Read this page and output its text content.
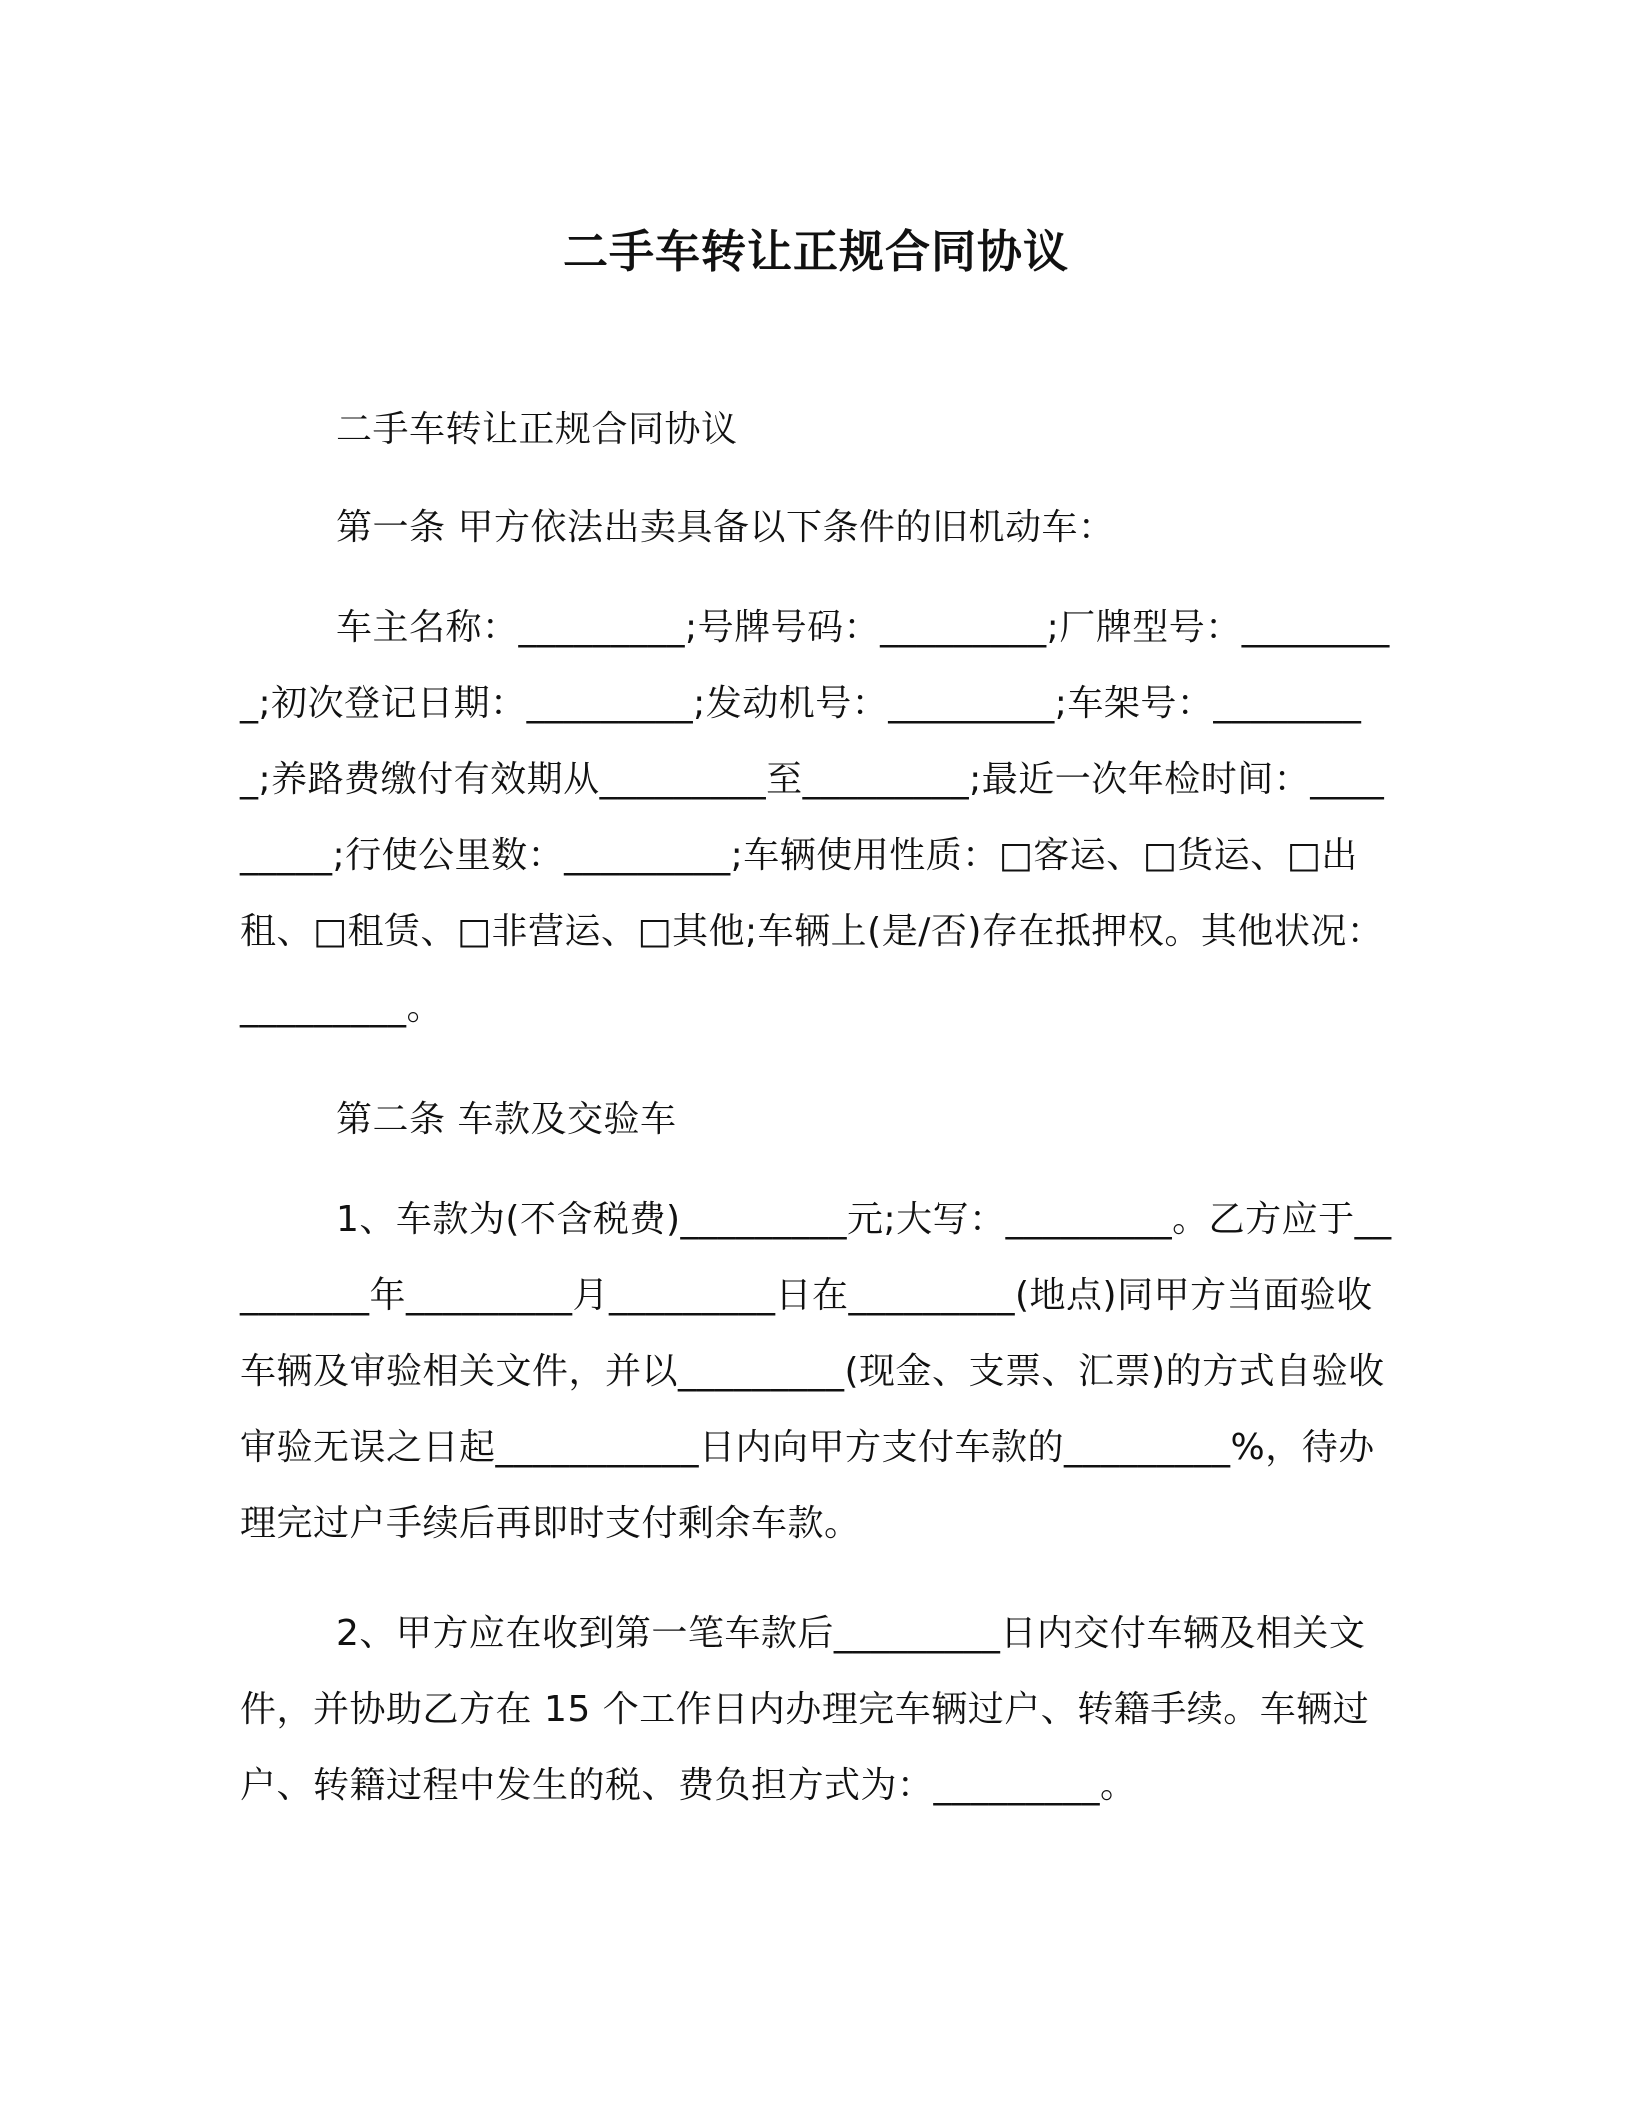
二手车转让正规合同协议

二手车转让正规合同协议

第一条 甲方依法出卖具备以下条件的旧机动车：

车主名称：_________;号牌号码：_________;厂牌型号：_________;初次登记日期：_________;发动机号：_________;车架号：_________;养路费缴付有效期从_________至_________;最近一次年检时间：_________;行使公里数：_________;车辆使用性质：□客运、□货运、□出租、□租赁、□非营运、□其他;车辆上(是/否)存在抵押权。其他状况：_________。

第二条 车款及交验车

1、车款为(不含税费)_________元;大写：_________。乙方应于_________年_________月_________日在_________(地点)同甲方当面验收车辆及审验相关文件，并以_________(现金、支票、汇票)的方式自验收审验无误之日起___________日内向甲方支付车款的_________%，待办理完过户手续后再即时支付剩余车款。

2、甲方应在收到第一笔车款后_________日内交付车辆及相关文件，并协助乙方在 15 个工作日内办理完车辆过户、转籍手续。车辆过户、转籍过程中发生的税、费负担方式为：_________。
